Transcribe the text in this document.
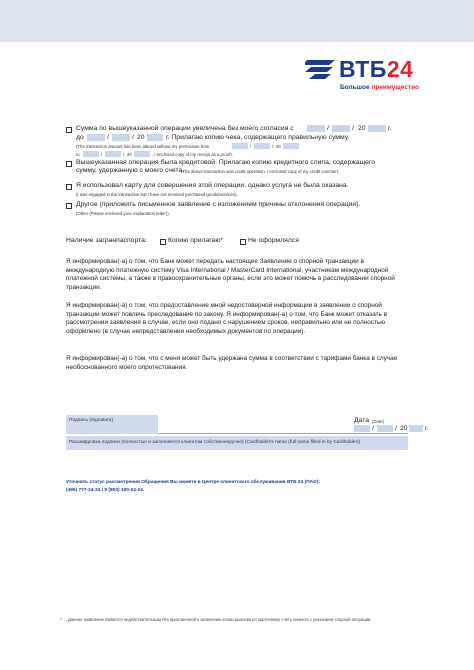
ВТБ24
Большое преимущество
Сумма по вышеуказанной операции увеличена без моего согласия с	/	/ 20	г.
до	/	/ 20	г. Прилагаю копию чека, содержащего правильную сумму.
(The transaction amount has been altered without my permission from	/	/ 20
to	/	/ 20	. I enclosed copy of my receipt as a proof).
Вышеуказанная операция была кредитовой. Прилагаю копию кредитного слипа, содержащего
сумму, удержанную с моего счета.
(The above transaction was credit operation. I enclosed copy of my credit voucher).
Я использовал карту для совершения этой операции, однако услуга не была оказана.
(I was engaged in the transaction but I have not received purchased goods/services).
Другое (приложить письменное заявление с изложением причины отклонения операции).
(Other (Please enclosed your explanation letter)).
Наличие загранпаспорта:	Копию прилагаю*	Не оформлялся
Я информирован(-а) о том, что Банк может передать настоящее Заявление о спорной транзакции в международную платежную систему Visa International / MasterCard International, участникам международной платежной системы, а также в правоохранительные органы, если это может помочь в расследовании спорной транзакции.
Я информирован(-а) о том, что предоставление мной недостоверной информации в заявлении о спорной транзакции может повлечь преследование по закону. Я информирован(-а) о том, что Банк может отказать в рассмотрении заявления в случае, если оно подано с нарушением сроков, неправильно или не полностью оформлено (в случае непредставления необходимых документов по операции).
Я информирован(-а) о том, что с меня может быть удержана сумма в соответствии с тарифами банка в случае необоснованного моего опротестования.
Подпись (Signature)	Дата (Date)
/	/ 20	г.
Расшифровка подписи (полностью и заполняется клиентом собственноручно) (Cardholder's name (full name filled in by Cardholder))
Уточнить статус рассмотрения Обращения Вы можете в Центре клиентского обслуживания ВТБ 24 (ПАО):
(495) 777-24-24 / 8 (800) 100-24-24.
* Данное заявление является недействительным без приложенной к заявлению копии выписки по карточному счету клиента с указанием спорной операции.
